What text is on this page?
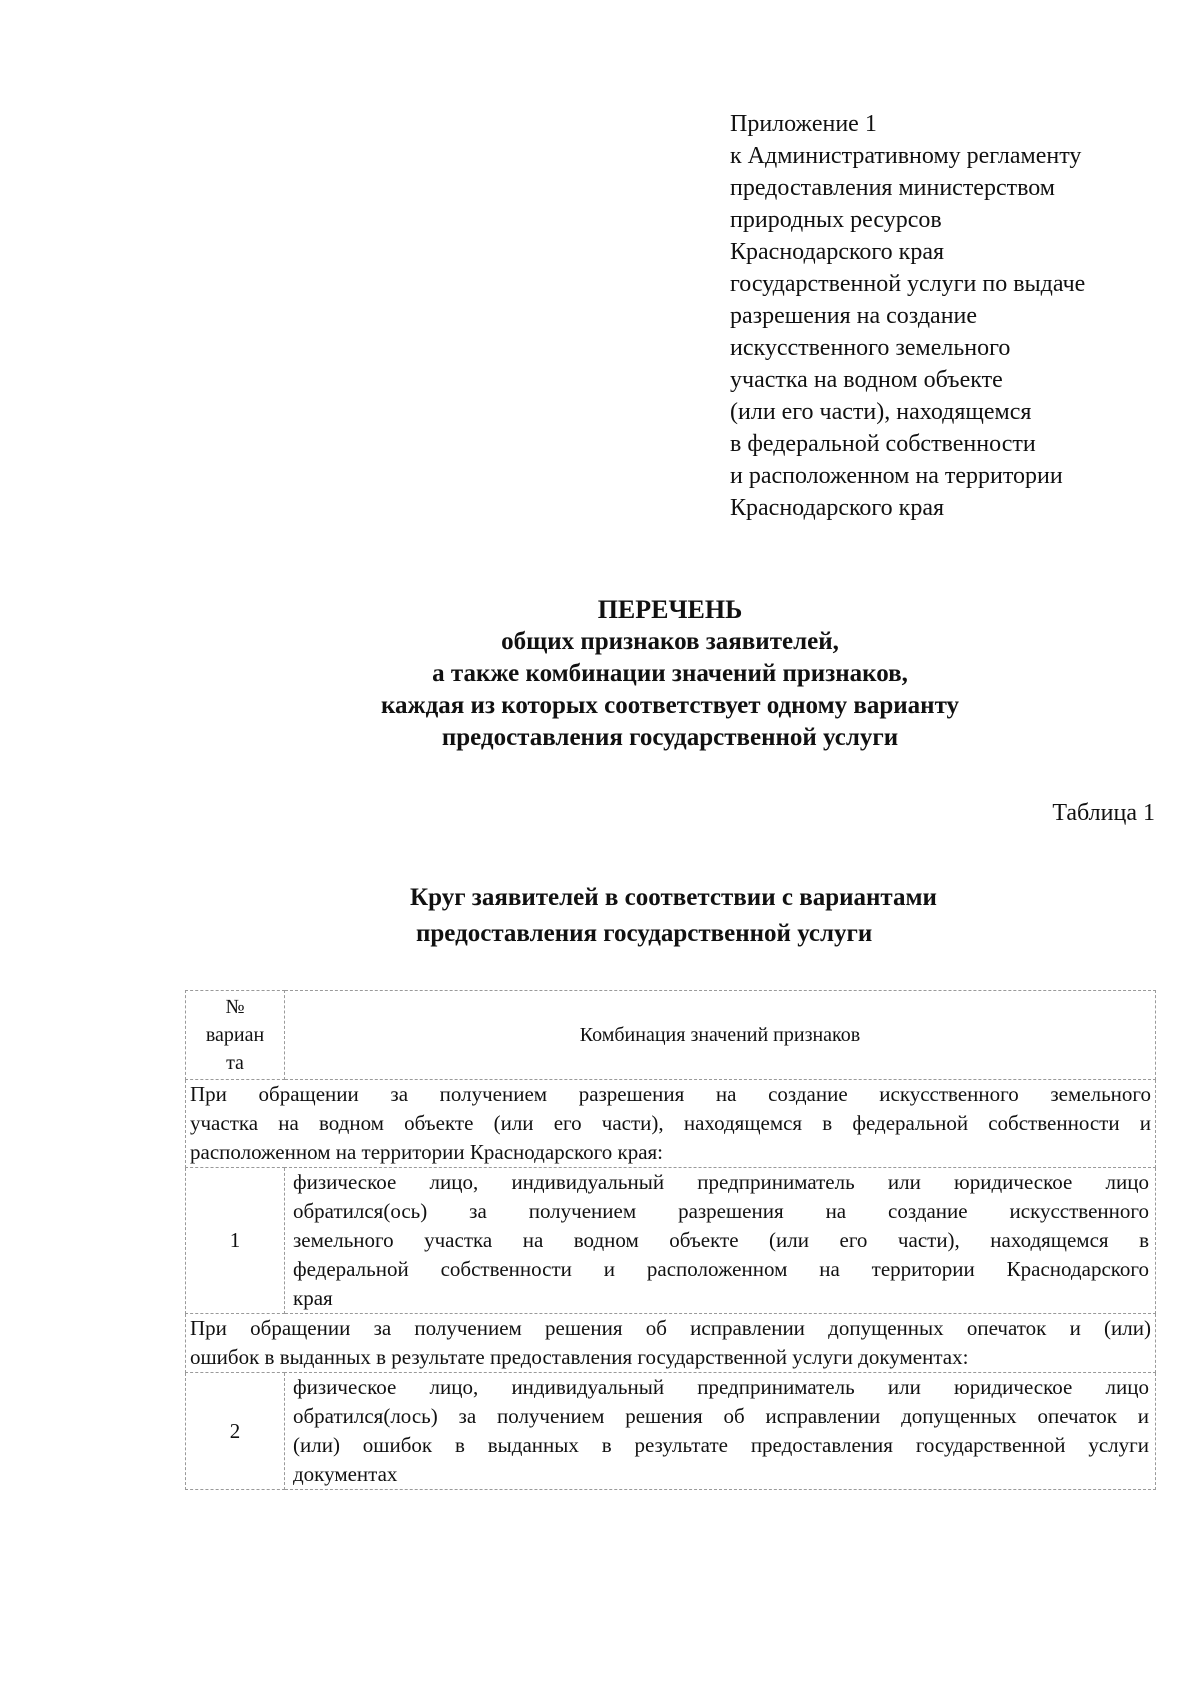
Приложение 1
к Административному регламенту
предоставления министерством
природных ресурсов
Краснодарского края
государственной услуги по выдаче
разрешения на создание
искусственного земельного
участка на водном объекте
(или его части), находящемся
в федеральной собственности
и расположенном на территории
Краснодарского края
ПЕРЕЧЕНЬ
общих признаков заявителей,
а также комбинации значений признаков,
каждая из которых соответствует одному варианту
предоставления государственной услуги
Таблица 1
Круг заявителей в соответствии с вариантами
предоставления государственной услуги
№
вариан
та	Комбинация значений признаков

При обращении за получением разрешения на создание искусственного земельного
участка на водном объекте (или его части), находящемся в федеральной собственности и
расположенном на территории Краснодарского края:	

1	физическое лицо, индивидуальный предприниматель или юридическое лицо
обратился(ось) за получением разрешения на создание искусственного
земельного участка на водном объекте (или его части), находящемся в
федеральной собственности и расположенном на территории Краснодарского
края

При обращении за получением решения об исправлении допущенных опечаток и (или)
ошибок в выданных в результате предоставления государственной услуги документах:	

2	физическое лицо, индивидуальный предприниматель или юридическое лицо
обратился(лось) за получением решения об исправлении допущенных опечаток и
(или) ошибок в выданных в результате предоставления государственной услуги
документах
